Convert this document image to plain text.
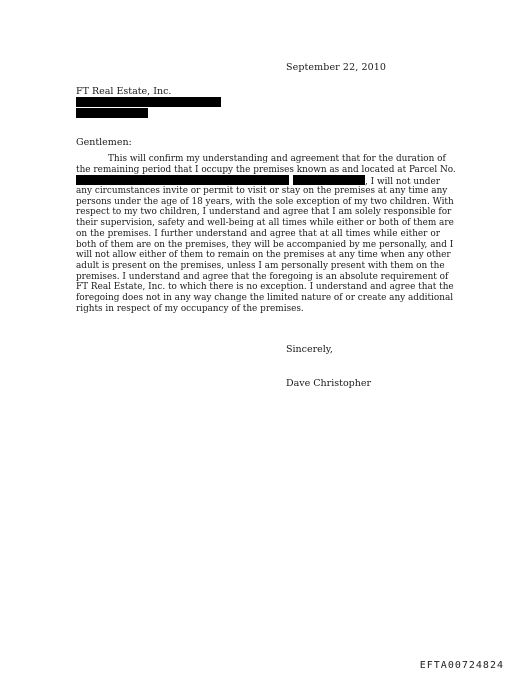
September 22, 2010
FT Real Estate, Inc.
Gentlemen:
This will confirm my understanding and agreement that for the duration of
the remaining period that I occupy the premises known as and located at Parcel No.
, I will not under
any circumstances invite or permit to visit or stay on the premises at any time any
persons under the age of 18 years, with the sole exception of my two children. With
respect to my two children, I understand and agree that I am solely responsible for
their supervision, safety and well-being at all times while either or both of them are
on the premises. I further understand and agree that at all times while either or
both of them are on the premises, they will be accompanied by me personally, and I
will not allow either of them to remain on the premises at any time when any other
adult is present on the premises, unless I am personally present with them on the
premises. I understand and agree that the foregoing is an absolute requirement of
FT Real Estate, Inc. to which there is no exception. I understand and agree that the
foregoing does not in any way change the limited nature of or create any additional
rights in respect of my occupancy of the premises.
Sincerely,
Dave Christopher
EFTA00724824
